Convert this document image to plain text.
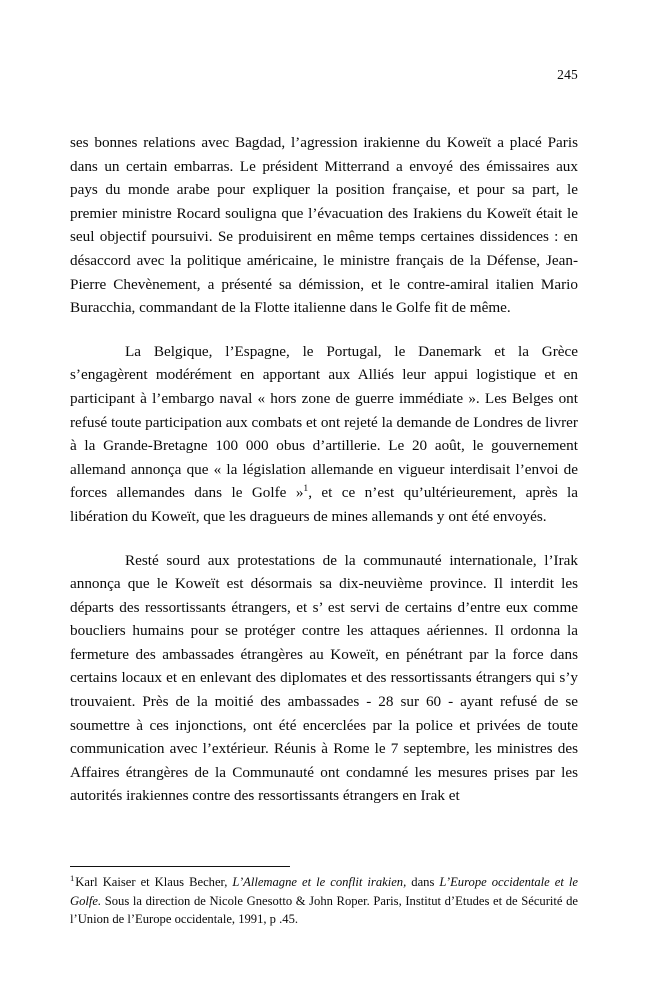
245

ses bonnes relations avec Bagdad, l’agression irakienne du Koweït a placé Paris dans un certain embarras. Le président Mitterrand a envoyé des émissaires aux pays du monde arabe pour expliquer la position française, et pour sa part, le premier ministre Rocard souligna que l’évacuation des Irakiens du Koweït était le seul objectif poursuivi. Se produisirent en même temps certaines dissidences : en désaccord avec la politique américaine, le ministre français de la Défense, Jean-Pierre Chevènement, a présenté sa démission, et le contre-amiral italien Mario Buracchia, commandant de la Flotte italienne dans le Golfe fit de même.

La Belgique, l’Espagne, le Portugal, le Danemark et la Grèce s’engagèrent modérément en apportant aux Alliés leur appui logistique et en participant à l’embargo naval « hors zone de guerre immédiate ». Les Belges ont refusé toute participation aux combats et ont rejeté la demande de Londres de livrer à la Grande-Bretagne 100 000 obus d’artillerie. Le 20 août, le gouvernement allemand annonça que « la législation allemande en vigueur interdisait l’envoi de forces allemandes dans le Golfe »$^1$, et ce n’est qu’ultérieurement, après la libération du Koweït, que les dragueurs de mines allemands y ont été envoyés.

Resté sourd aux protestations de la communauté internationale, l’Irak annonça que le Koweït est désormais sa dix-neuvième province. Il interdit les départs des ressortissants étrangers, et s’ est servi de certains d’entre eux comme boucliers humains pour se protéger contre les attaques aériennes. Il ordonna la fermeture des ambassades étrangères au Koweït, en pénétrant par la force dans certains locaux et en enlevant des diplomates et des ressortissants étrangers qui s’y trouvaient. Près de la moitié des ambassades - 28 sur 60 - ayant refusé de se soumettre à ces injonctions, ont été encerclées par la police et privées de toute communication avec l’extérieur. Réunis à Rome le 7 septembre, les ministres des Affaires étrangères de la Communauté ont condamné les mesures prises par les autorités irakiennes contre des ressortissants étrangers en Irak et

$^1$Karl Kaiser et Klaus Becher, L’Allemagne et le conflit irakien, dans L’Europe occidentale et le Golfe. Sous la direction de Nicole Gnesotto & John Roper. Paris, Institut d’Etudes et de Sécurité de l’Union de l’Europe occidentale, 1991, p .45.
